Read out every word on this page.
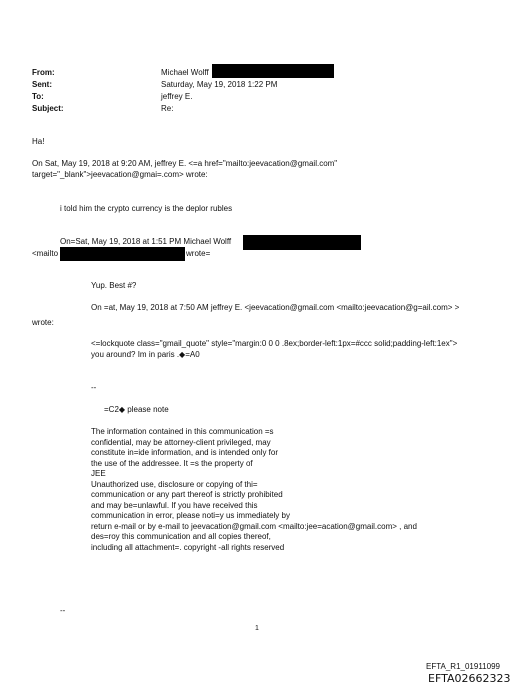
From:
Sent:
To:
Subject:
Michael Wolff
Saturday, May 19, 2018 1:22 PM
jeffrey E.
Re:
Ha!
On Sat, May 19, 2018 at 9:20 AM, jeffrey E. <=a href="mailto:jeevacation@gmail.com"
target="_blank">jeevacation@gmai=.com> wrote:
i told him the crypto currency is the deplor rubles
On=Sat, May 19, 2018 at 1:51 PM Michael Wolff
<mailto	wrote=
Yup. Best #?
On =at, May 19, 2018 at 7:50 AM jeffrey E. <jeevacation@gmail.com <mailto:jeevacation@g=ail.com> >
wrote:
<=lockquote class="gmail_quote" style="margin:0 0 0 .8ex;border-left:1px=#ccc solid;padding-left:1ex">
you around? Im in paris .◆=A0
--
=C2◆ please note
The information contained in this communication =s
confidential, may be attorney-client privileged, may
constitute in=ide information, and is intended only for
the use of the addressee. It =s the property of
JEE
Unauthorized use, disclosure or copying of thi=
communication or any part thereof is strictly prohibited
and may be=unlawful. If you have received this
communication in error, please noti=y us immediately by
return e-mail or by e-mail to jeevacation@gmail.com <mailto:jee=acation@gmail.com> , and
des=roy this communication and all copies thereof,
including all attachment=. copyright -all rights reserved
--
1
EFTA_R1_01911099
EFTA02662323
